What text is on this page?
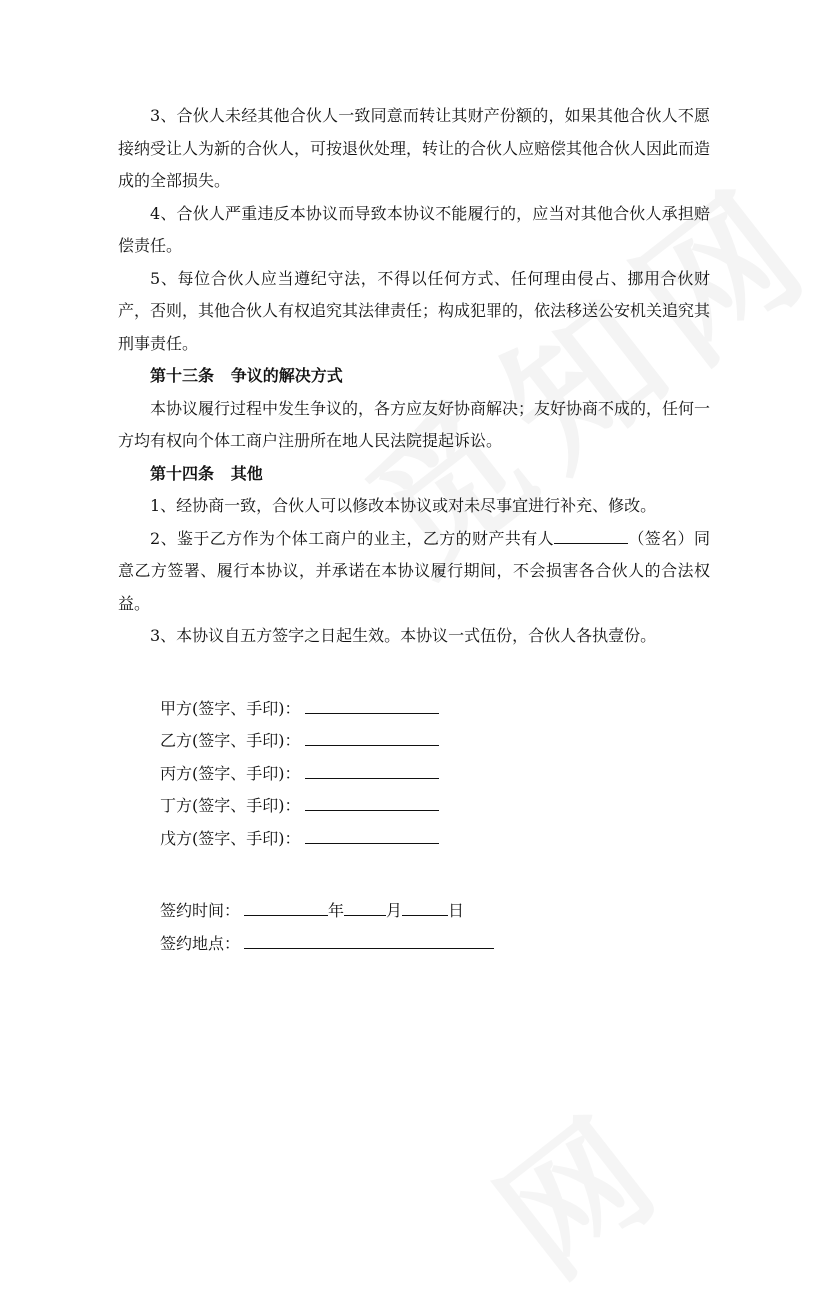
3、合伙人未经其他合伙人一致同意而转让其财产份额的，如果其他合伙人不愿接纳受让人为新的合伙人，可按退伙处理，转让的合伙人应赔偿其他合伙人因此而造成的全部损失。

4、合伙人严重违反本协议而导致本协议不能履行的，应当对其他合伙人承担赔偿责任。

5、每位合伙人应当遵纪守法，不得以任何方式、任何理由侵占、挪用合伙财产，否则，其他合伙人有权追究其法律责任；构成犯罪的，依法移送公安机关追究其刑事责任。

第十三条   争议的解决方式

本协议履行过程中发生争议的，各方应友好协商解决；友好协商不成的，任何一方均有权向个体工商户注册所在地人民法院提起诉讼。

第十四条   其他

1、经协商一致，合伙人可以修改本协议或对未尽事宜进行补充、修改。

2、鉴于乙方作为个体工商户的业主，乙方的财产共有人	（签名）同意乙方签署、履行本协议，并承诺在本协议履行期间，不会损害各合伙人的合法权益。

3、本协议自五方签字之日起生效。本协议一式伍份，合伙人各执壹份。

甲方(签字、手印)：
乙方(签字、手印)：
丙方(签字、手印)：
丁方(签字、手印)：
戊方(签字、手印)：
签约时间：	年	月	日
签约地点：
